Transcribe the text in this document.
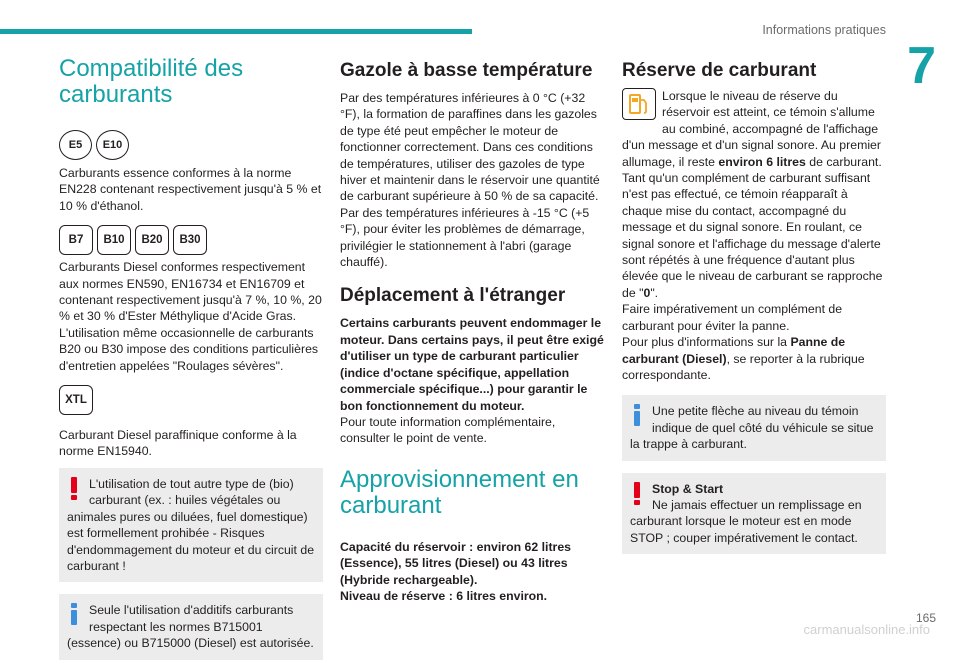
Informations pratiques
7
Compatibilité des carburants
E5	E10

Carburants essence conformes à la norme EN228 contenant respectivement jusqu'à 5 % et 10 % d'éthanol.

B7	B10	B20	B30

Carburants Diesel conformes respectivement aux normes EN590, EN16734 et EN16709 et contenant respectivement jusqu'à 7 %, 10 %, 20 % et 30 % d'Ester Méthylique d'Acide Gras. L'utilisation même occasionnelle de carburants B20 ou B30 impose des conditions particulières d'entretien appelées "Roulages sévères".

XTL

Carburant Diesel paraffinique conforme à la norme EN15940.

L'utilisation de tout autre type de (bio)

carburant (ex. : huiles végétales ou

animales pures ou diluées, fuel domestique) est formellement prohibée - Risques d'endommagement du moteur et du circuit de carburant !

Seule l'utilisation d'additifs carburants

respectant les normes B715001

(essence) ou B715000 (Diesel) est autorisée.

Gazole à basse température

Par des températures inférieures à 0 °C (+32 °F), la formation de paraffines dans les gazoles de type été peut empêcher le moteur de fonctionner correctement. Dans ces conditions de températures, utiliser des gazoles de type hiver et maintenir dans le réservoir une quantité de carburant supérieure à 50 % de sa capacité.

Par des températures inférieures à -15 °C (+5 °F), pour éviter les problèmes de démarrage, privilégier le stationnement à l'abri (garage chauffé).

Déplacement à l'étranger

Certains carburants peuvent endommager le moteur. Dans certains pays, il peut être exigé d'utiliser un type de carburant particulier (indice d'octane spécifique, appellation commerciale spécifique...) pour garantir le bon fonctionnement du moteur.

Pour toute information complémentaire, consulter le point de vente.

Approvisionnement en carburant

Capacité du réservoir : environ 62 litres (Essence), 55 litres (Diesel) ou 43 litres (Hybride rechargeable).

Niveau de réserve : 6 litres environ.

Réserve de carburant

Lorsque le niveau de réserve du réservoir est atteint, ce témoin s'allume au combiné, accompagné de l'affichage d'un message et d'un signal sonore. Au premier allumage, il reste environ 6 litres de carburant.

Tant qu'un complément de carburant suffisant n'est pas effectué, ce témoin réapparaît à chaque mise du contact, accompagné du message et du signal sonore. En roulant, ce signal sonore et l'affichage du message d'alerte sont répétés à une fréquence d'autant plus élevée que le niveau de carburant se rapproche de "0".

Faire impérativement un complément de carburant pour éviter la panne.

Pour plus d'informations sur la Panne de carburant (Diesel), se reporter à la rubrique correspondante.

Une petite flèche au niveau du témoin

indique de quel côté du véhicule se situe

la trappe à carburant.

Stop & Start

Ne jamais effectuer un remplissage en

carburant lorsque le moteur est en mode STOP ; couper impérativement le contact.

165
carmanualsonline.info
